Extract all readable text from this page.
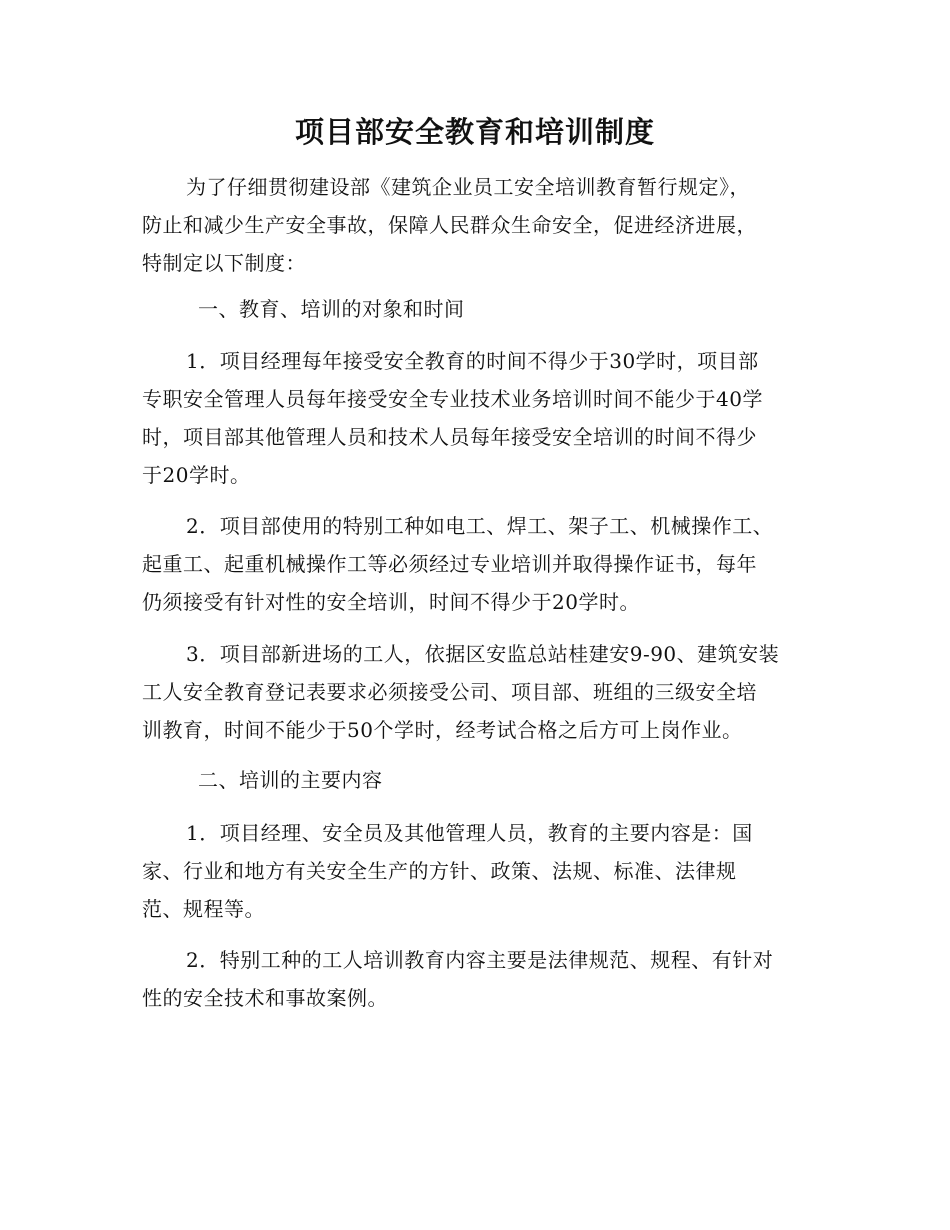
项目部安全教育和培训制度
为了仔细贯彻建设部《建筑企业员工安全培训教育暂行规定》，
防止和减少生产安全事故，保障人民群众生命安全，促进经济进展，
特制定以下制度：
一、教育、培训的对象和时间
1．项目经理每年接受安全教育的时间不得少于30学时，项目部
专职安全管理人员每年接受安全专业技术业务培训时间不能少于40学
时，项目部其他管理人员和技术人员每年接受安全培训的时间不得少
于20学时。
2．项目部使用的特别工种如电工、焊工、架子工、机械操作工、
起重工、起重机械操作工等必须经过专业培训并取得操作证书，每年
仍须接受有针对性的安全培训，时间不得少于20学时。
3．项目部新进场的工人，依据区安监总站桂建安9-90、建筑安装
工人安全教育登记表要求必须接受公司、项目部、班组的三级安全培
训教育，时间不能少于50个学时，经考试合格之后方可上岗作业。
二、培训的主要内容
1．项目经理、安全员及其他管理人员，教育的主要内容是：国
家、行业和地方有关安全生产的方针、政策、法规、标准、法律规
范、规程等。
2．特别工种的工人培训教育内容主要是法律规范、规程、有针对
性的安全技术和事故案例。
